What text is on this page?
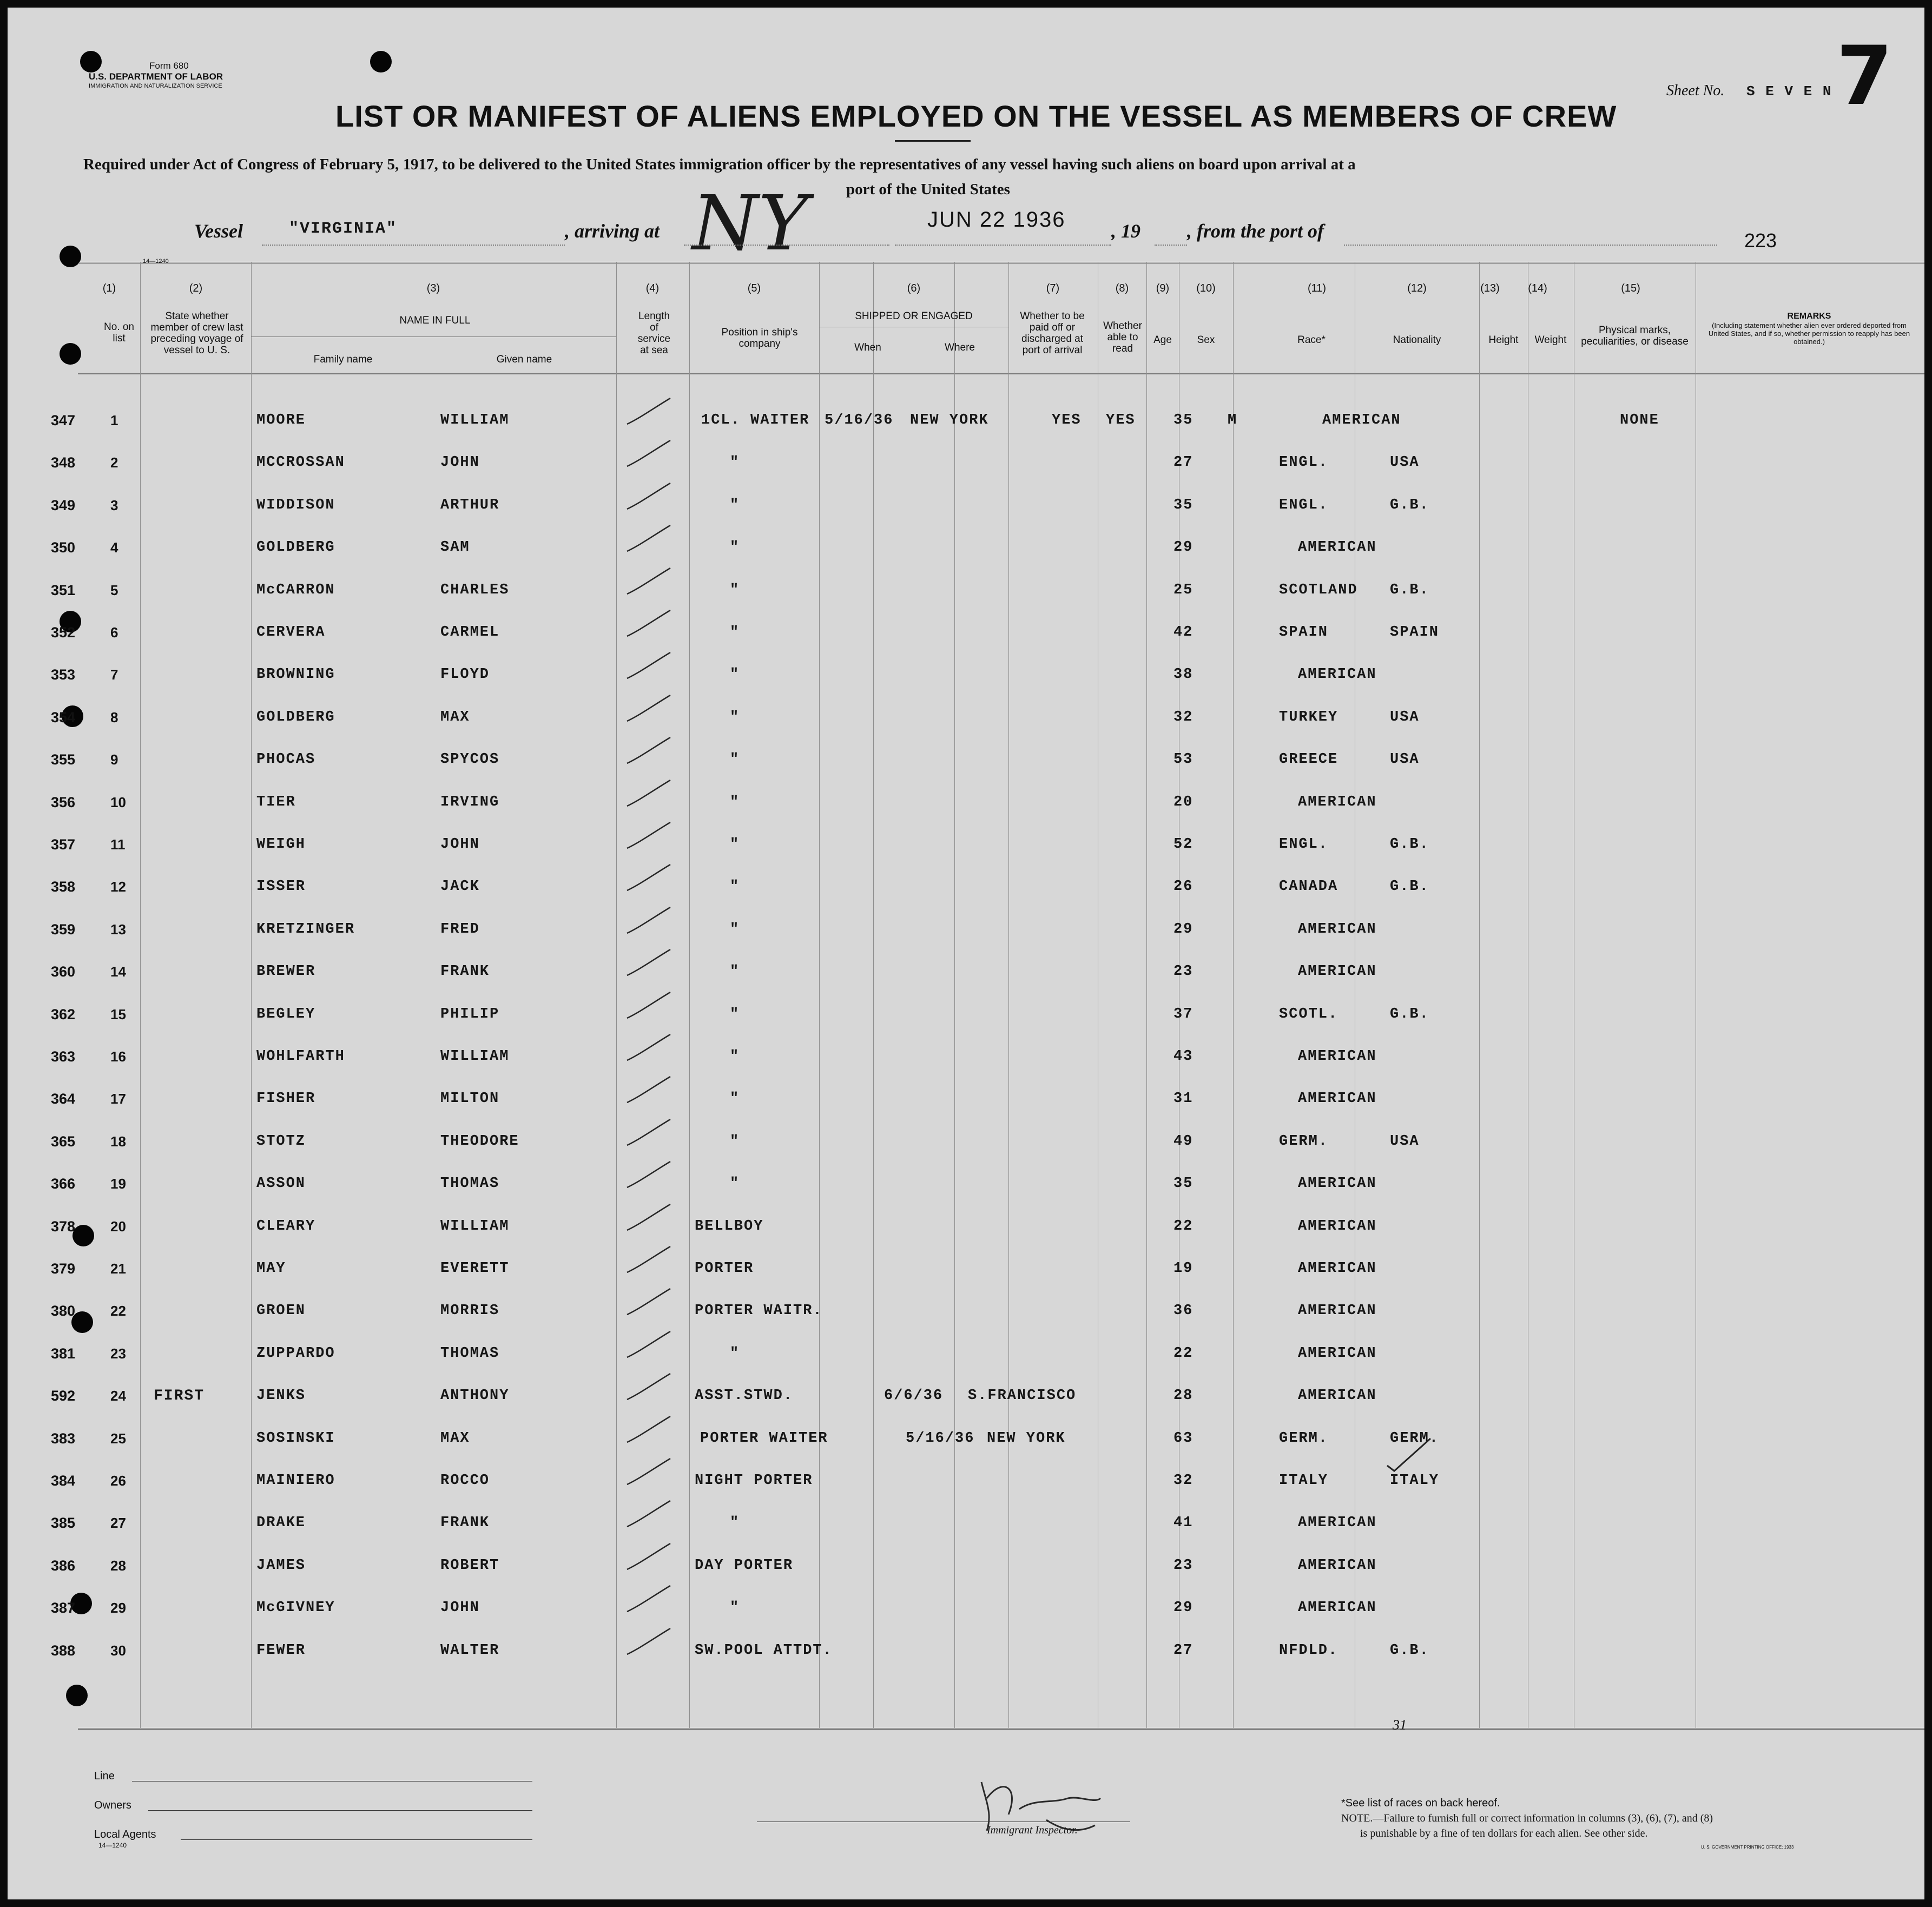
Form 680
U.S. DEPARTMENT OF LABOR
IMMIGRATION AND NATURALIZATION SERVICE	Sheet No. S E V E N 7
LIST OR MANIFEST OF ALIENS EMPLOYED ON THE VESSEL AS MEMBERS OF CREW
Required under Act of Congress of February 5, 1917, to be delivered to the United States immigration officer by the representatives of any vessel having such aliens on board upon arrival at a
port of the United States
Vessel	"VIRGINIA"	, arriving at NY	JUN 22 1936 , 19 , from the port of	223
14—1240
(1)	(2)	(3)	(4)	(5)	(6)	(7)	(8)	(9) (10)	(11)	(12)	(13)	(14)	(15)
No. on list
State whether member of crew last preceding voyage of vessel to U. S.
NAME IN FULL
Family name	Given name
Length of service at sea
Position in ship's company
SHIPPED OR ENGAGED
When	Where
Whether to be paid off or discharged at port of arrival
Whether able to read
Age	Sex	Race*	Nationality	Height	Weight
Physical marks, peculiarities, or disease
REMARKS
(Including statement whether alien ever ordered deported from United States, and if so, whether permission to reapply has been obtained.)
347 1	MOORE	WILLIAM	1CL. WAITER 5/16/36 NEW YORK	YES YES	35 M	AMERICAN	NONE
348 2	MCCROSSAN	JOHN	"	27	ENGL.	USA
349 3	WIDDISON	ARTHUR	"	35	ENGL.	G.B.
350 4	GOLDBERG	SAM	"	29	AMERICAN
351 5	McCARRON	CHARLES	"	25	SCOTLAND G.B.
352 6	CERVERA	CARMEL	"	42	SPAIN	SPAIN
353 7	BROWNING	FLOYD	"	38	AMERICAN
354 8	GOLDBERG	MAX	"	32	TURKEY	USA
355 9	PHOCAS	SPYCOS	"	53	GREECE	USA
356 10	TIER	IRVING	"	20	AMERICAN
357 11	WEIGH	JOHN	"	52	ENGL.	G.B.
358 12	ISSER	JACK	"	26	CANADA	G.B.
359 13	KRETZINGER	FRED	"	29	AMERICAN
360 14	BREWER	FRANK	"	23	AMERICAN
362 15	BEGLEY	PHILIP	"	37	SCOTL.	G.B.
363 16	WOHLFARTH	WILLIAM	"	43	AMERICAN
364 17	FISHER	MILTON	"	31	AMERICAN
365 18	STOTZ	THEODORE	"	49	GERM.	USA
366 19	ASSON	THOMAS	"	35	AMERICAN
378 20	CLEARY	WILLIAM	BELLBOY	22	AMERICAN
379 21	MAY	EVERETT	PORTER	19	AMERICAN
380 22	GROEN	MORRIS	PORTER WAITR.	36	AMERICAN
381 23	ZUPPARDO	THOMAS	"	22	AMERICAN
592 24 FIRST	JENKS	ANTHONY	ASST.STWD.	6/6/36 S.FRANCISCO	28	AMERICAN
383 25	SOSINSKI	MAX	PORTER WAITER	5/16/36 NEW YORK	63	GERM.	GERM.
384 26	MAINIERO	ROCCO	NIGHT PORTER	32	ITALY	ITALY
385 27	DRAKE	FRANK	"	41	AMERICAN
386 28	JAMES	ROBERT	DAY PORTER	23	AMERICAN
387 29	McGIVNEY	JOHN	"	29	AMERICAN
388 30	FEWER	WALTER	SW.POOL ATTDT.	27	NFDLD.	G.B.
31
Line
Owners
Local Agents
14—1240
Immigrant Inspector.
*See list of races on back hereof.
NOTE.—Failure to furnish full or correct information in columns (3), (6), (7), and (8)
is punishable by a fine of ten dollars for each alien. See other side.
U. S. GOVERNMENT PRINTING OFFICE: 1933
